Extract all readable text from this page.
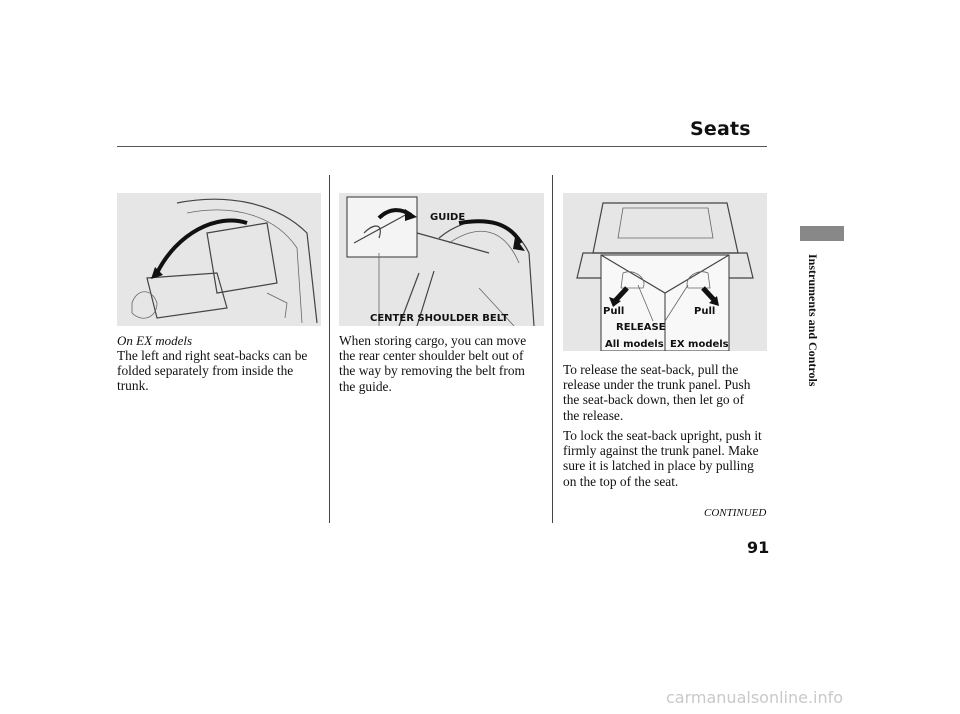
Seats
Instruments and Controls
On EX models
GUIDE
CENTER SHOULDER BELT
Pull	Pull
RELEASE
All models EX models
The left and right seat-backs can be
folded separately from inside the
trunk.
When storing cargo, you can move
the rear center shoulder belt out of
the way by removing the belt from
the guide.
To release the seat-back, pull the
release under the trunk panel. Push
the seat-back down, then let go of
the release.
To lock the seat-back upright, push it
firmly against the trunk panel. Make
sure it is latched in place by pulling
on the top of the seat.
CONTINUED
91
carmanualsonline.info
